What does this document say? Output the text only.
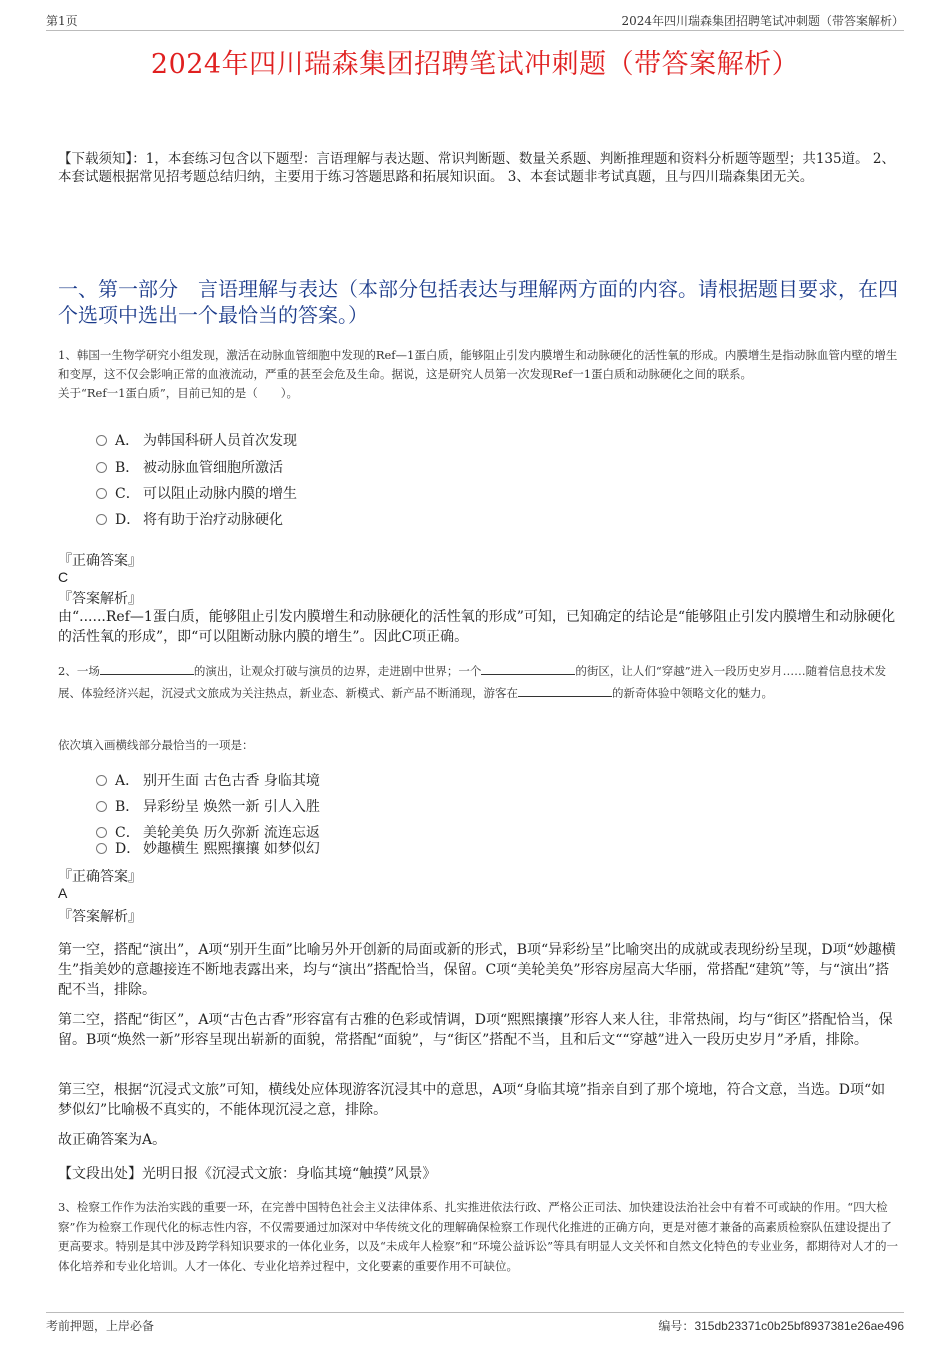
第1页	2024年四川瑞森集团招聘笔试冲刺题（带答案解析）
2024年四川瑞森集团招聘笔试冲刺题（带答案解析）
【下载须知】：1，本套练习包含以下题型：言语理解与表达题、常识判断题、数量关系题、判断推理题和资料分析题等题型；共135道。 2、本套试题根据常见招考题总结归纳，主要用于练习答题思路和拓展知识面。 3、本套试题非考试真题，且与四川瑞森集团无关。
一、第一部分　言语理解与表达（本部分包括表达与理解两方面的内容。请根据题目要求，在四个选项中选出一个最恰当的答案。）

1、韩国一生物学研究小组发现，激活在动脉血管细胞中发现的Ref—1蛋白质，能够阻止引发内膜增生和动脉硬化的活性氧的形成。内膜增生是指动脉血管内壁的增生和变厚，这不仅会影响正常的血液流动，严重的甚至会危及生命。据说，这是研究人员第一次发现Ref一1蛋白质和动脉硬化之间的联系。

关于“Ref一1蛋白质”，目前已知的是（　　）。

A． 为韩国科研人员首次发现
B． 被动脉血管细胞所激活
C． 可以阻止动脉内膜的增生
D． 将有助于治疗动脉硬化
『正确答案』
C
『答案解析』
由“......Ref—1蛋白质，能够阻止引发内膜增生和动脉硬化的活性氧的形成”可知，已知确定的结论是“能够阻止引发内膜增生和动脉硬化的活性氧的形成”，即“可以阻断动脉内膜的增生”。因此C项正确。
2、一场	的演出，让观众打破与演员的边界，走进剧中世界；一个	的街区，让人们“穿越”进入一段历史岁月……随着信息技术发展、体验经济兴起，沉浸式文旅成为关注热点，新业态、新模式、新产品不断涌现，游客在	的新奇体验中领略文化的魅力。
依次填入画横线部分最恰当的一项是：
A． 别开生面 古色古香 身临其境
B． 异彩纷呈 焕然一新 引人入胜
C． 美轮美奂 历久弥新 流连忘返
D． 妙趣横生 熙熙攘攘 如梦似幻
『正确答案』
A
『答案解析』
第一空，搭配“演出”，A项“别开生面”比喻另外开创新的局面或新的形式，B项“异彩纷呈”比喻突出的成就或表现纷纷呈现，D项“妙趣横生”指美妙的意趣接连不断地表露出来，均与“演出”搭配恰当，保留。C项“美轮美奂”形容房屋高大华丽，常搭配“建筑”等，与“演出”搭配不当，排除。
第二空，搭配“街区”，A项“古色古香”形容富有古雅的色彩或情调，D项“熙熙攘攘”形容人来人往，非常热闹，均与“街区”搭配恰当，保留。B项“焕然一新”形容呈现出崭新的面貌，常搭配“面貌”，与“街区”搭配不当，且和后文““穿越”进入一段历史岁月”矛盾，排除。
第三空，根据“沉浸式文旅”可知，横线处应体现游客沉浸其中的意思，A项“身临其境”指亲自到了那个境地，符合文意，当选。D项“如梦似幻”比喻极不真实的，不能体现沉浸之意，排除。
故正确答案为A。
【文段出处】光明日报《沉浸式文旅：身临其境“触摸”风景》
3、检察工作作为法治实践的重要一环，在完善中国特色社会主义法律体系、扎实推进依法行政、严格公正司法、加快建设法治社会中有着不可或缺的作用。“四大检察”作为检察工作现代化的标志性内容，不仅需要通过加深对中华传统文化的理解确保检察工作现代化推进的正确方向，更是对德才兼备的高素质检察队伍建设提出了更高要求。特别是其中涉及跨学科知识要求的一体化业务，以及“未成年人检察”和“环境公益诉讼”等具有明显人文关怀和自然文化特色的专业业务，都期待对人才的一体化培养和专业化培训。人才一体化、专业化培养过程中，文化要素的重要作用不可缺位。
考前押题，上岸必备	编号：315db23371c0b25bf8937381e26ae496
